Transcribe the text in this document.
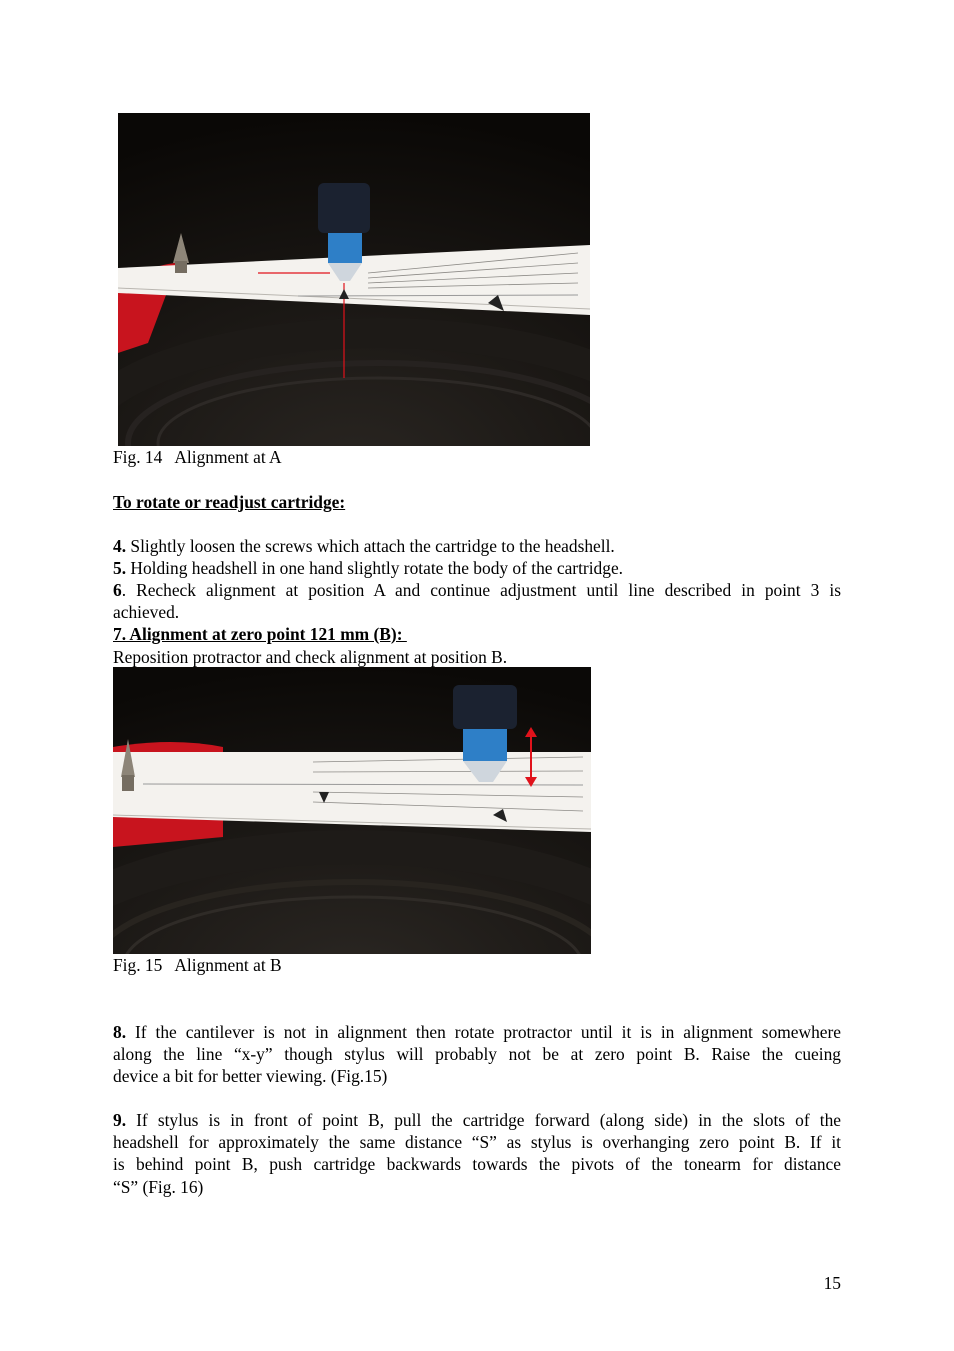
Fig. 14   Alignment at A
To rotate or readjust cartridge:
4. Slightly loosen the screws which attach the cartridge to the headshell.
5. Holding headshell in one hand slightly rotate the body of the cartridge.
6. Recheck alignment at position A and continue adjustment until line described in point 3 is
achieved.
7. Alignment at zero point 121 mm (B):
Reposition protractor and check alignment at position B.
Fig. 15   Alignment at B
8. If the cantilever is not in alignment then rotate protractor until it is in alignment somewhere
along the line “x-y” though stylus will probably not be at zero point B. Raise the cueing
device a bit for better viewing. (Fig.15)
9. If stylus is in front of point B, pull the cartridge forward (along side) in the slots of the
headshell for approximately the same distance “S” as stylus is overhanging zero point B. If it
is behind point B, push cartridge backwards towards the pivots of the tonearm for distance
“S” (Fig. 16)
15
